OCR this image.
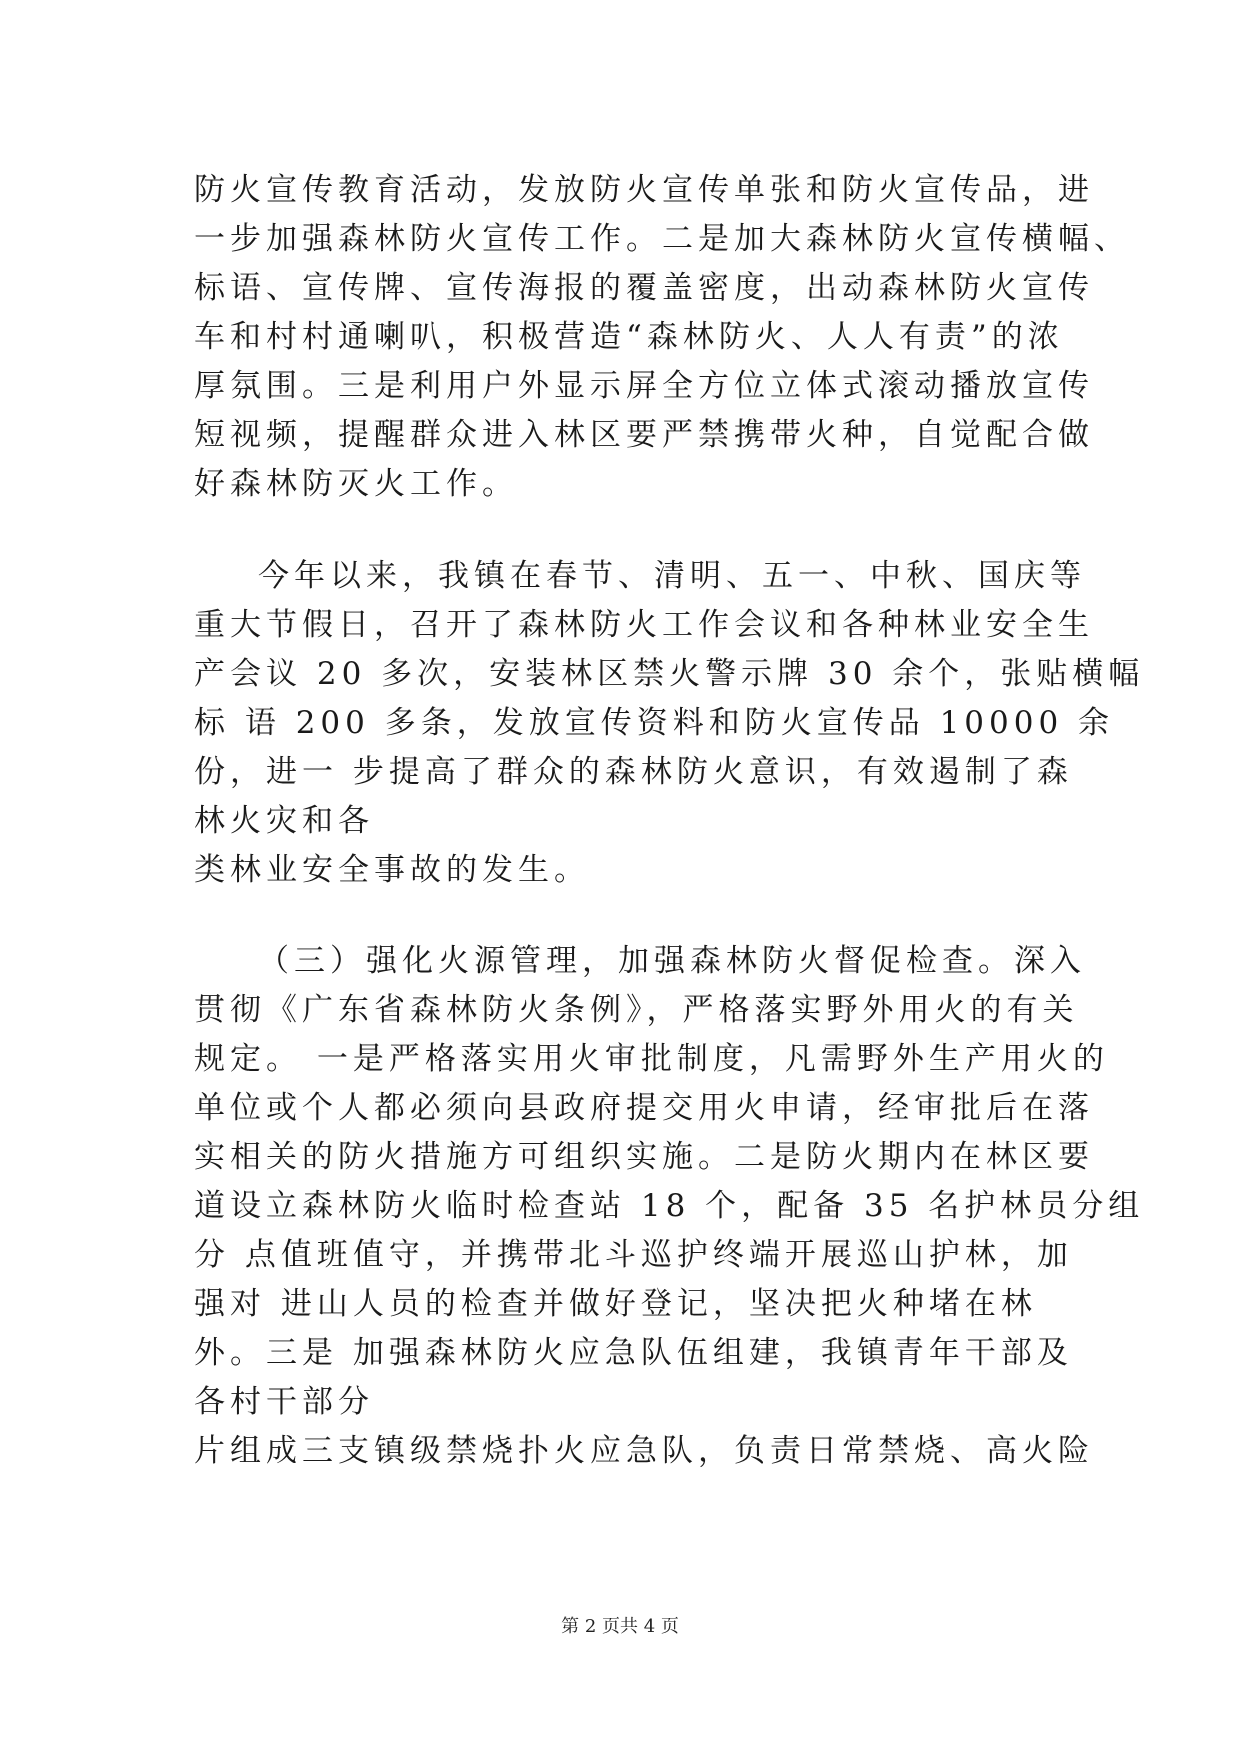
防火宣传教育活动，发放防火宣传单张和防火宣传品，进
一步加强森林防火宣传工作。二是加大森林防火宣传横幅、
标语、宣传牌、宣传海报的覆盖密度，出动森林防火宣传
车和村村通喇叭，积极营造“森林防火、人人有责”的浓
厚氛围。三是利用户外显示屏全方位立体式滚动播放宣传
短视频，提醒群众进入林区要严禁携带火种，自觉配合做
好森林防灭火工作。
今年以来，我镇在春节、清明、五一、中秋、国庆等
重大节假日，召开了森林防火工作会议和各种林业安全生
产会议 20 多次，安装林区禁火警示牌 30 余个，张贴横幅
标 语 200 多条，发放宣传资料和防火宣传品 10000 余
份，进一 步提高了群众的森林防火意识，有效遏制了森
林火灾和各
类林业安全事故的发生。
（三）强化火源管理，加强森林防火督促检查。深入
贯彻《广东省森林防火条例》，严格落实野外用火的有关
规定。 一是严格落实用火审批制度，凡需野外生产用火的
单位或个人都必须向县政府提交用火申请，经审批后在落
实相关的防火措施方可组织实施。二是防火期内在林区要
道设立森林防火临时检查站 18 个，配备 35 名护林员分组
分 点值班值守，并携带北斗巡护终端开展巡山护林，加
强对 进山人员的检查并做好登记，坚决把火种堵在林
外。三是 加强森林防火应急队伍组建，我镇青年干部及
各村干部分
片组成三支镇级禁烧扑火应急队，负责日常禁烧、高火险
第 2 页共 4 页
